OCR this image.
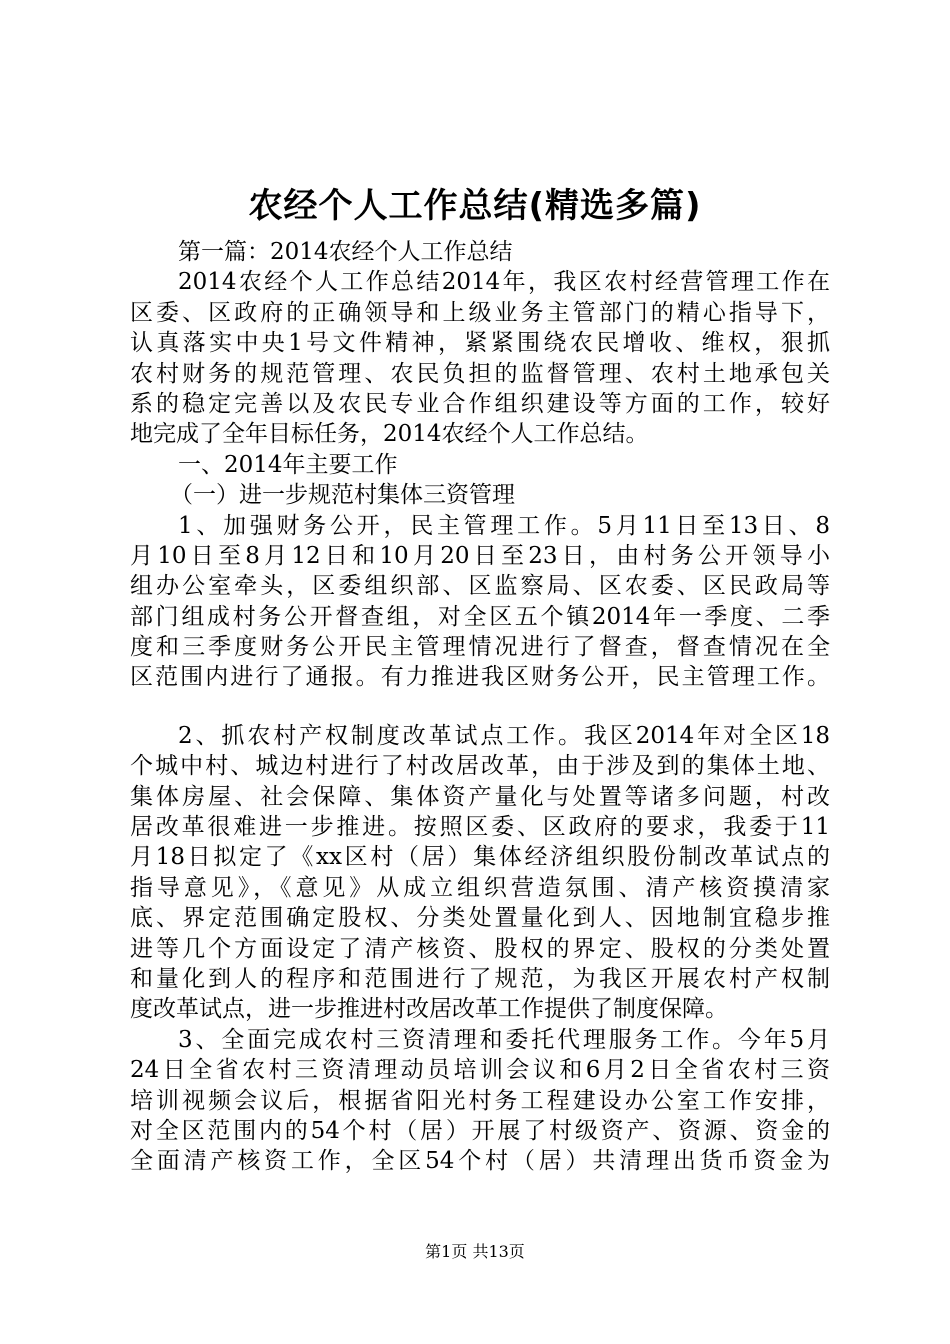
农经个人工作总结(精选多篇)
第一篇：2014农经个人工作总结
2014农经个人工作总结2014年，我区农村经营管理工作在
区委、区政府的正确领导和上级业务主管部门的精心指导下，
认真落实中央1号文件精神，紧紧围绕农民增收、维权，狠抓
农村财务的规范管理、农民负担的监督管理、农村土地承包关
系的稳定完善以及农民专业合作组织建设等方面的工作，较好
地完成了全年目标任务，2014农经个人工作总结。
一、2014年主要工作
（一）进一步规范村集体三资管理
1、加强财务公开，民主管理工作。5月11日至13日、8
月10日至8月12日和10月20日至23日，由村务公开领导小
组办公室牵头，区委组织部、区监察局、区农委、区民政局等
部门组成村务公开督查组，对全区五个镇2014年一季度、二季
度和三季度财务公开民主管理情况进行了督查，督查情况在全
区范围内进行了通报。有力推进我区财务公开，民主管理工作。
2、抓农村产权制度改革试点工作。我区2014年对全区18
个城中村、城边村进行了村改居改革，由于涉及到的集体土地、
集体房屋、社会保障、集体资产量化与处置等诸多问题，村改
居改革很难进一步推进。按照区委、区政府的要求，我委于11
月18日拟定了《xx区村（居）集体经济组织股份制改革试点的
指导意见》，《意见》从成立组织营造氛围、清产核资摸清家
底、界定范围确定股权、分类处置量化到人、因地制宜稳步推
进等几个方面设定了清产核资、股权的界定、股权的分类处置
和量化到人的程序和范围进行了规范，为我区开展农村产权制
度改革试点，进一步推进村改居改革工作提供了制度保障。
3、全面完成农村三资清理和委托代理服务工作。今年5月
24日全省农村三资清理动员培训会议和6月2日全省农村三资
培训视频会议后，根据省阳光村务工程建设办公室工作安排，
对全区范围内的54个村（居）开展了村级资产、资源、资金的
全面清产核资工作，全区54个村（居）共清理出货币资金为
第1页 共13页
